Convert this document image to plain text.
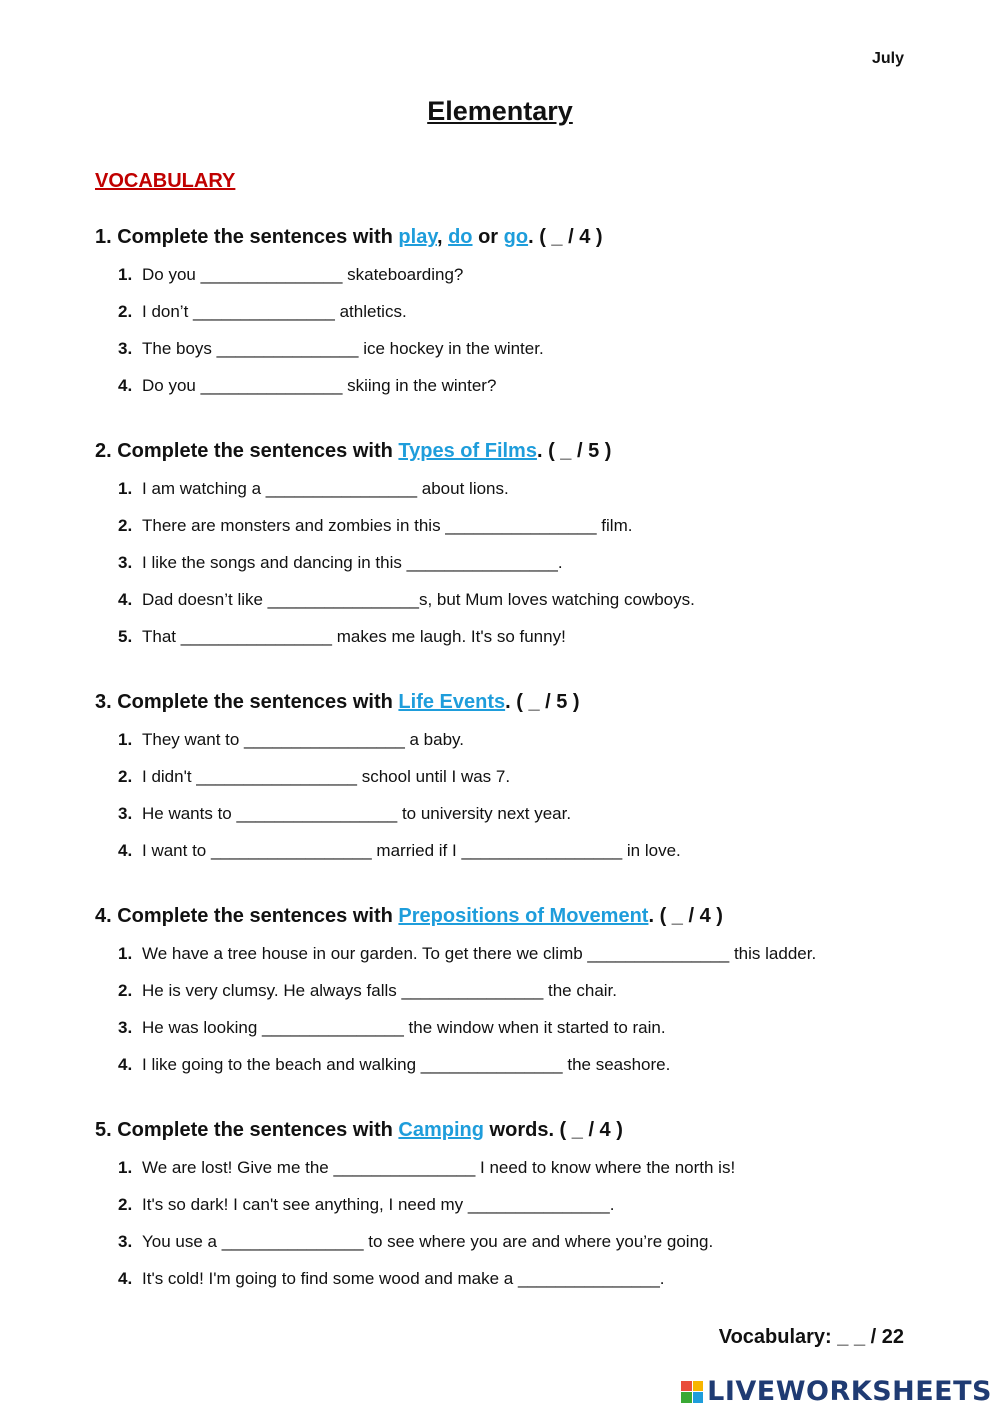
July
Elementary
VOCABULARY
1. Complete the sentences with play, do or go. ( _ / 4 )
1. Do you _______________ skateboarding?
2. I don’t _______________ athletics.
3. The boys _______________ ice hockey in the winter.
4. Do you _______________ skiing in the winter?
2. Complete the sentences with Types of Films. ( _ / 5 )
1. I am watching a ________________ about lions.
2. There are monsters and zombies in this ________________ film.
3. I like the songs and dancing in this ________________.
4. Dad doesn’t like ________________s, but Mum loves watching cowboys.
5. That ________________ makes me laugh. It's so funny!
3. Complete the sentences with Life Events. ( _ / 5 )
1. They want to _________________ a baby.
2. I didn't _________________ school until I was 7.
3. He wants to _________________ to university next year.
4. I want to _________________ married if I _________________ in love.
4. Complete the sentences with Prepositions of Movement. ( _ / 4 )
1. We have a tree house in our garden. To get there we climb _______________ this ladder.
2. He is very clumsy. He always falls _______________ the chair.
3. He was looking _______________ the window when it started to rain.
4. I like going to the beach and walking _______________ the seashore.
5. Complete the sentences with Camping words. ( _ / 4 )
1. We are lost! Give me the _______________ I need to know where the north is!
2. It's so dark! I can't see anything, I need my _______________.
3. You use a _______________ to see where you are and where you’re going.
4. It's cold! I'm going to find some wood and make a _______________.
Vocabulary: _ _ / 22
LIVEWORKSHEETS
